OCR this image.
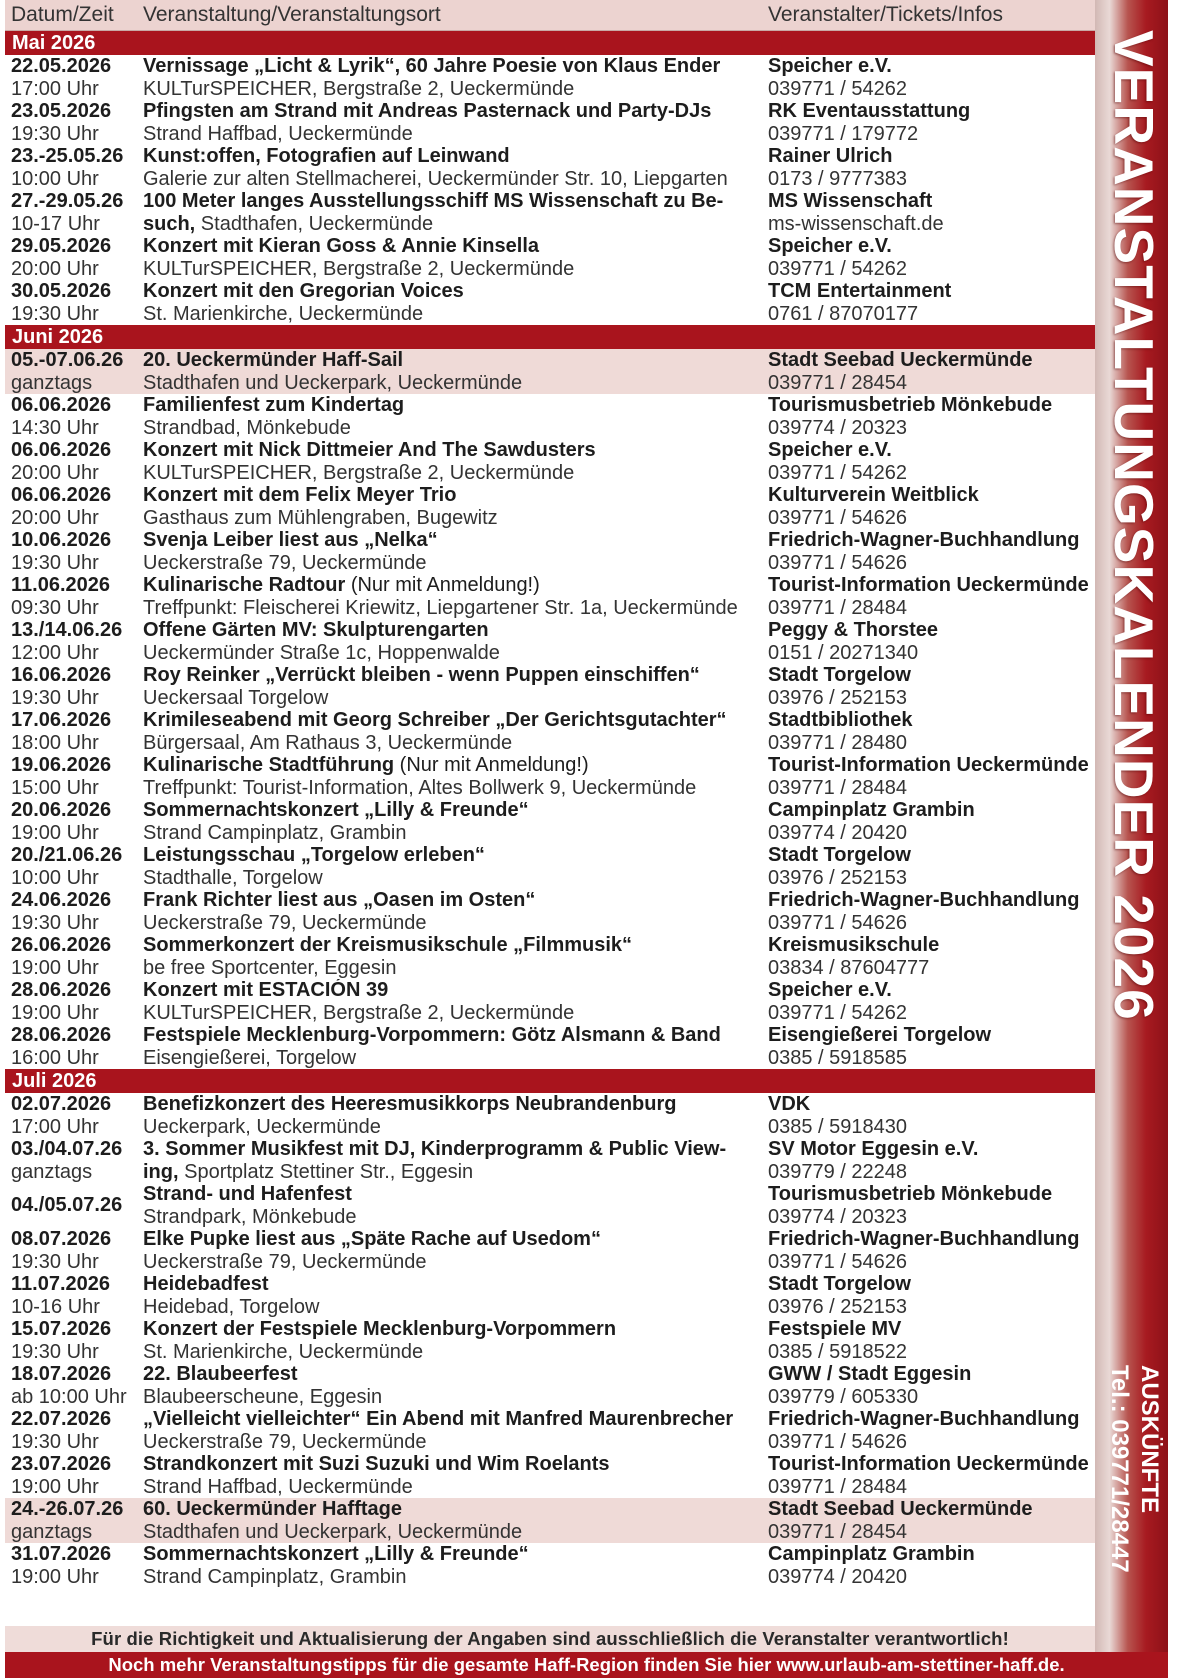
Datum/Zeit	Veranstaltung/Veranstaltungsort	Veranstalter/Tickets/Infos
Mai 2026
22.05.2026
17:00 Uhr
Vernissage „Licht & Lyrik“, 60 Jahre Poesie von Klaus Ender
KULTurSPEICHER, Bergstraße 2, Ueckermünde
Speicher e.V.
039771 / 54262
23.05.2026
19:30 Uhr
Pfingsten am Strand mit Andreas Pasternack und Party-DJs
Strand Haffbad, Ueckermünde
RK Eventausstattung
039771 / 179772
23.-25.05.26
10:00 Uhr
Kunst:offen, Fotografien auf Leinwand
Galerie zur alten Stellmacherei, Ueckermünder Str. 10, Liepgarten
Rainer Ulrich
0173 / 9777383
27.-29.05.26
10-17 Uhr
100 Meter langes Ausstellungsschiff MS Wissenschaft zu Be-
such, Stadthafen, Ueckermünde
MS Wissenschaft
ms-wissenschaft.de
29.05.2026
20:00 Uhr
Konzert mit Kieran Goss & Annie Kinsella
KULTurSPEICHER, Bergstraße 2, Ueckermünde
Speicher e.V.
039771 / 54262
30.05.2026
19:30 Uhr
Konzert mit den Gregorian Voices
St. Marienkirche, Ueckermünde
TCM Entertainment
0761 / 87070177
Juni 2026
05.-07.06.26
ganztags
20. Ueckermünder Haff-Sail
Stadthafen und Ueckerpark, Ueckermünde
Stadt Seebad Ueckermünde
039771 / 28454
06.06.2026
14:30 Uhr
Familienfest zum Kindertag
Strandbad, Mönkebude
Tourismusbetrieb Mönkebude
039774 / 20323
06.06.2026
20:00 Uhr
Konzert mit Nick Dittmeier And The Sawdusters
KULTurSPEICHER, Bergstraße 2, Ueckermünde
Speicher e.V.
039771 / 54262
06.06.2026
20:00 Uhr
Konzert mit dem Felix Meyer Trio
Gasthaus zum Mühlengraben, Bugewitz
Kulturverein Weitblick
039771 / 54626
10.06.2026
19:30 Uhr
Svenja Leiber liest aus „Nelka“
Ueckerstraße 79, Ueckermünde
Friedrich-Wagner-Buchhandlung
039771 / 54626
11.06.2026
09:30 Uhr
Kulinarische Radtour (Nur mit Anmeldung!)
Treffpunkt: Fleischerei Kriewitz, Liepgartener Str. 1a, Ueckermünde
Tourist-Information Ueckermünde
039771 / 28484
13./14.06.26
12:00 Uhr
Offene Gärten MV: Skulpturengarten
Ueckermünder Straße 1c, Hoppenwalde
Peggy & Thorstee
0151 / 20271340
16.06.2026
19:30 Uhr
Roy Reinker „Verrückt bleiben - wenn Puppen einschiffen“
Ueckersaal Torgelow
Stadt Torgelow
03976 / 252153
17.06.2026
18:00 Uhr
Krimileseabend mit Georg Schreiber „Der Gerichtsgutachter“
Bürgersaal, Am Rathaus 3, Ueckermünde
Stadtbibliothek
039771 / 28480
19.06.2026
15:00 Uhr
Kulinarische Stadtführung (Nur mit Anmeldung!)
Treffpunkt: Tourist-Information, Altes Bollwerk 9, Ueckermünde
Tourist-Information Ueckermünde
039771 / 28484
20.06.2026
19:00 Uhr
Sommernachtskonzert „Lilly & Freunde“
Strand Campinplatz, Grambin
Campinplatz Grambin
039774 / 20420
20./21.06.26
10:00 Uhr
Leistungsschau „Torgelow erleben“
Stadthalle, Torgelow
Stadt Torgelow
03976 / 252153
24.06.2026
19:30 Uhr
Frank Richter liest aus „Oasen im Osten“
Ueckerstraße 79, Ueckermünde
Friedrich-Wagner-Buchhandlung
039771 / 54626
26.06.2026
19:00 Uhr
Sommerkonzert der Kreismusikschule „Filmmusik“
be free Sportcenter, Eggesin
Kreismusikschule
03834 / 87604777
28.06.2026
19:00 Uhr
Konzert mit ESTACIÓN 39
KULTurSPEICHER, Bergstraße 2, Ueckermünde
Speicher e.V.
039771 / 54262
28.06.2026
16:00 Uhr
Festspiele Mecklenburg-Vorpommern: Götz Alsmann & Band
Eisengießerei, Torgelow
Eisengießerei Torgelow
0385 / 5918585
Juli 2026
02.07.2026
17:00 Uhr
Benefizkonzert des Heeresmusikkorps Neubrandenburg
Ueckerpark, Ueckermünde
VDK
0385 / 5918430
03./04.07.26
ganztags
3. Sommer Musikfest mit DJ, Kinderprogramm & Public View-
ing, Sportplatz Stettiner Str., Eggesin
SV Motor Eggesin e.V.
039779 / 22248
04./05.07.26
Strand- und Hafenfest
Strandpark, Mönkebude
Tourismusbetrieb Mönkebude
039774 / 20323
08.07.2026
19:30 Uhr
Elke Pupke liest aus „Späte Rache auf Usedom“
Ueckerstraße 79, Ueckermünde
Friedrich-Wagner-Buchhandlung
039771 / 54626
11.07.2026
10-16 Uhr
Heidebadfest
Heidebad, Torgelow
Stadt Torgelow
03976 / 252153
15.07.2026
19:30 Uhr
Konzert der Festspiele Mecklenburg-Vorpommern
St. Marienkirche, Ueckermünde
Festspiele MV
0385 / 5918522
18.07.2026
ab 10:00 Uhr
22. Blaubeerfest
Blaubeerscheune, Eggesin
GWW / Stadt Eggesin
039779 / 605330
22.07.2026
19:30 Uhr
„Vielleicht vielleichter“ Ein Abend mit Manfred Maurenbrecher
Ueckerstraße 79, Ueckermünde
Friedrich-Wagner-Buchhandlung
039771 / 54626
23.07.2026
19:00 Uhr
Strandkonzert mit Suzi Suzuki und Wim Roelants
Strand Haffbad, Ueckermünde
Tourist-Information Ueckermünde
039771 / 28484
24.-26.07.26
ganztags
60. Ueckermünder Hafftage
Stadthafen und Ueckerpark, Ueckermünde
Stadt Seebad Ueckermünde
039771 / 28454
31.07.2026
19:00 Uhr
Sommernachtskonzert „Lilly & Freunde“
Strand Campinplatz, Grambin
Campinplatz Grambin
039774 / 20420
Für die Richtigkeit und Aktualisierung der Angaben sind ausschließlich die Veranstalter verantwortlich!
Noch mehr Veranstaltungstipps für die gesamte Haff-Region finden Sie hier www.urlaub-am-stettiner-haff.de.
VERANSTALTUNGSKALENDER 2026
AUSKÜNFTE
Tel.: 039771/28447
